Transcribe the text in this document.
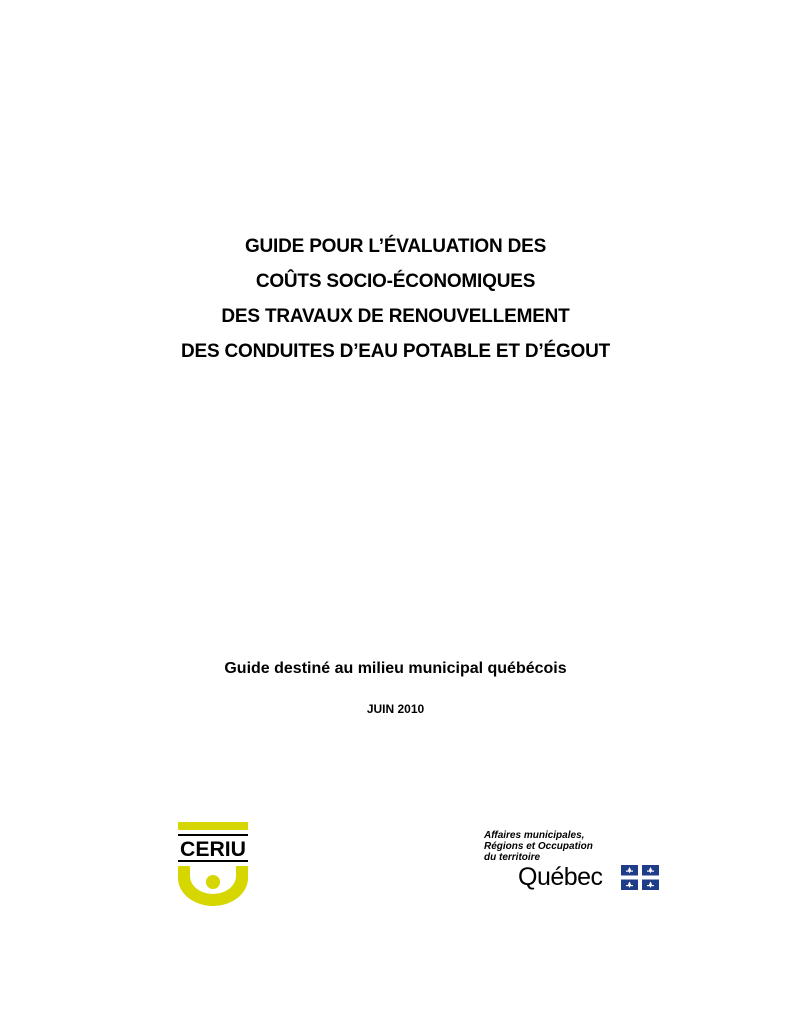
GUIDE POUR L’ÉVALUATION DES
COÛTS SOCIO-ÉCONOMIQUES
DES TRAVAUX DE RENOUVELLEMENT
DES CONDUITES D’EAU POTABLE ET D’ÉGOUT
Guide destiné au milieu municipal québécois
JUIN 2010
CERIU
Affaires municipales,
Régions et Occupation
du territoire
Québec
